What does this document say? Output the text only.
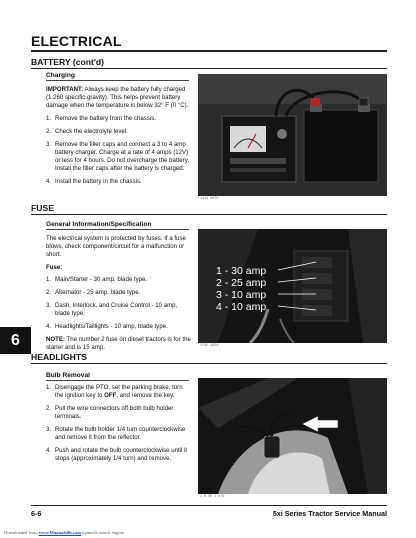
ELECTRICAL
BATTERY (cont'd)
Charging

IMPORTANT: Always keep the battery fully charged (1.260 specific gravity). This helps prevent battery damage when the temperature is below 32° F (0 °C).

1. Remove the battery from the chassis.
2. Check the electrolyte level.
3. Remove the filler caps and connect a 3 to 4 amp battery charger. Charge at a rate of 4 amps (12V) or less for 4 hours. Do not overcharge the battery. Install the filler caps after the battery is charged.
4. Install the battery in the chassis.
1314 2070
FUSE
General Information/Specification

The electrical system is protected by fuses. If a fuse blows, check component/circuit for a malfunction or short.

Fuse:

1. Main/Starter - 30 amp, blade type.
2. Alternator - 25 amp, blade type.
3. Dash, Interlock, and Cruise Control - 10 amp, blade type.
4. Headlights/Taillights - 10 amp, blade type.

NOTE: The number 2 fuse on diesel tractors is for the starter and is 15 amp.

1 - 30 amp
2 - 25 amp
3 - 10 amp
4 - 10 amp
1745 1924
6
HEADLIGHTS
Bulb Removal
1. Disengage the PTO, set the parking brake, turn the ignition key to OFF, and remove the key.
2. Pull the wire connectors off both bulb holder terminals.
3. Rotate the bulb holder 1/4 turn counterclockwise and remove it from the reflector.
4. Push and rotate the bulb counterclockwise until it stops (approximately 1/4 turn) and remove.
1 6 86 1 676
6-6	5xi Series Tractor Service Manual
Downloaded from www.Manualslib.com manuals search engine
